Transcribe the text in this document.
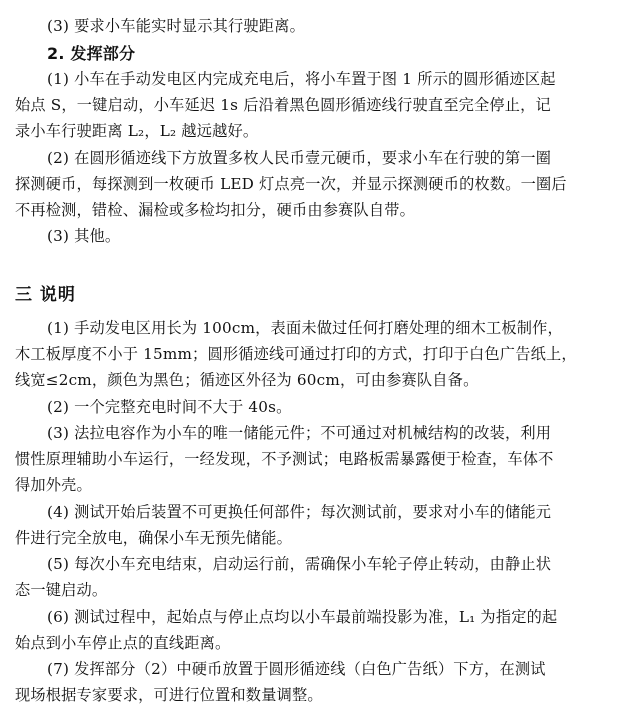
(3) 要求小车能实时显示其行驶距离。
2. 发挥部分
(1) 小车在手动发电区内完成充电后，将小车置于图 1 所示的圆形循迹区起
始点 S，一键启动，小车延迟 1s 后沿着黑色圆形循迹线行驶直至完全停止，记
录小车行驶距离 L₂，L₂ 越远越好。
(2) 在圆形循迹线下方放置多枚人民币壹元硬币，要求小车在行驶的第一圈
探测硬币，每探测到一枚硬币 LED 灯点亮一次，并显示探测硬币的枚数。一圈后
不再检测，错检、漏检或多检均扣分，硬币由参赛队自带。
(3) 其他。
三 说明
(1) 手动发电区用长为 100cm，表面未做过任何打磨处理的细木工板制作，
木工板厚度不小于 15mm；圆形循迹线可通过打印的方式，打印于白色广告纸上，
线宽≤2cm，颜色为黑色；循迹区外径为 60cm，可由参赛队自备。
(2) 一个完整充电时间不大于 40s。
(3) 法拉电容作为小车的唯一储能元件；不可通过对机械结构的改装，利用
惯性原理辅助小车运行，一经发现，不予测试；电路板需暴露便于检查，车体不
得加外壳。
(4) 测试开始后装置不可更换任何部件；每次测试前，要求对小车的储能元
件进行完全放电，确保小车无预先储能。
(5) 每次小车充电结束，启动运行前，需确保小车轮子停止转动，由静止状
态一键启动。
(6) 测试过程中，起始点与停止点均以小车最前端投影为准，L₁ 为指定的起
始点到小车停止点的直线距离。
(7) 发挥部分（2）中硬币放置于圆形循迹线（白色广告纸）下方，在测试
现场根据专家要求，可进行位置和数量调整。
